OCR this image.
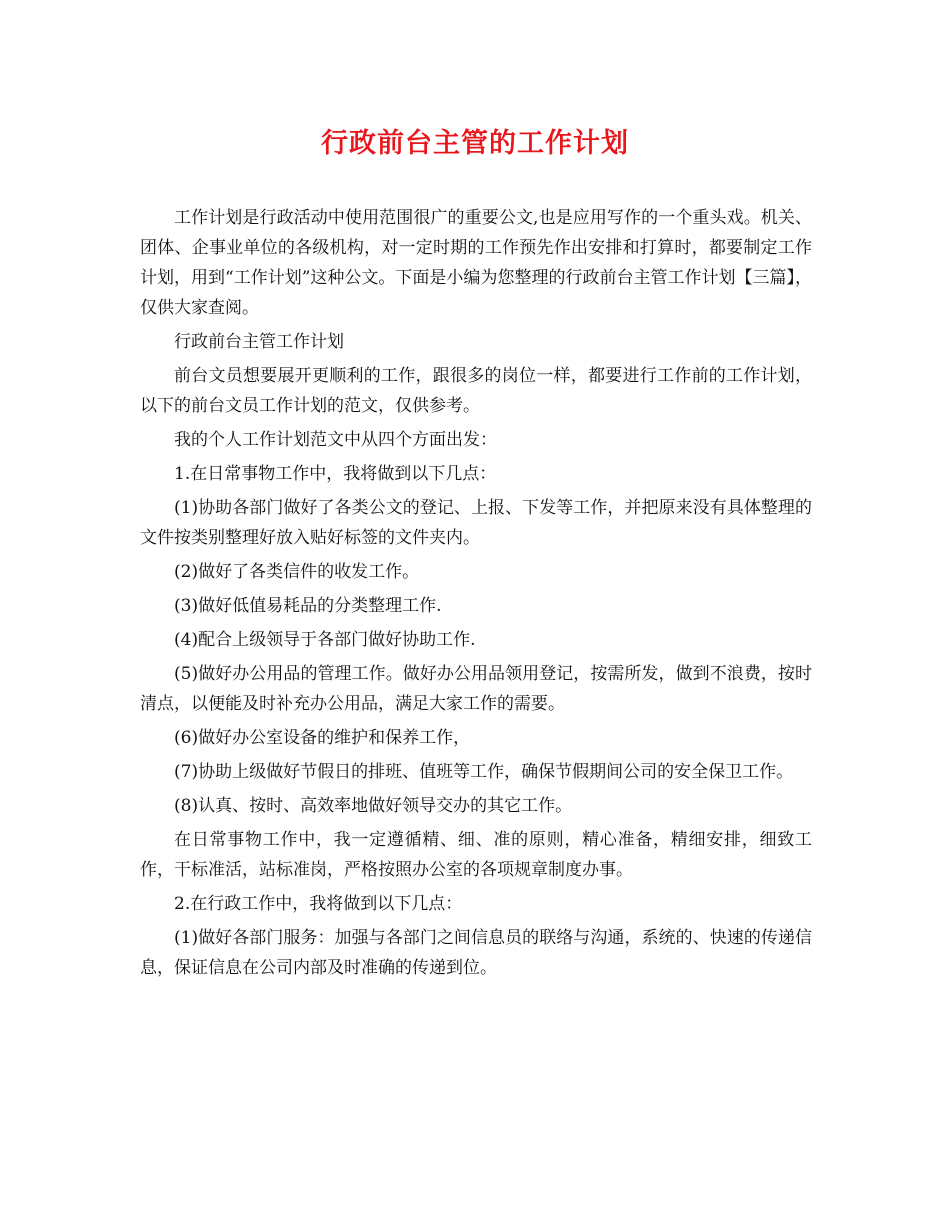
行政前台主管的工作计划

工作计划是行政活动中使用范围很广的重要公文,也是应用写作的一个重头戏。机关、团体、企事业单位的各级机构，对一定时期的工作预先作出安排和打算时，都要制定工作计划，用到“工作计划”这种公文。下面是小编为您整理的行政前台主管工作计划【三篇】，仅供大家查阅。

行政前台主管工作计划

前台文员想要展开更顺利的工作，跟很多的岗位一样，都要进行工作前的工作计划，以下的前台文员工作计划的范文，仅供参考。

我的个人工作计划范文中从四个方面出发：

1.在日常事物工作中，我将做到以下几点：

(1)协助各部门做好了各类公文的登记、上报、下发等工作，并把原来没有具体整理的文件按类别整理好放入贴好标签的文件夹内。

(2)做好了各类信件的收发工作。

(3)做好低值易耗品的分类整理工作.

(4)配合上级领导于各部门做好协助工作.

(5)做好办公用品的管理工作。做好办公用品领用登记，按需所发，做到不浪费，按时清点，以便能及时补充办公用品，满足大家工作的需要。

(6)做好办公室设备的维护和保养工作，

(7)协助上级做好节假日的排班、值班等工作，确保节假期间公司的安全保卫工作。

(8)认真、按时、高效率地做好领导交办的其它工作。

在日常事物工作中，我一定遵循精、细、准的原则，精心准备，精细安排，细致工作，干标准活，站标准岗，严格按照办公室的各项规章制度办事。

2.在行政工作中，我将做到以下几点：

(1)做好各部门服务：加强与各部门之间信息员的联络与沟通，系统的、快速的传递信息，保证信息在公司内部及时准确的传递到位。
